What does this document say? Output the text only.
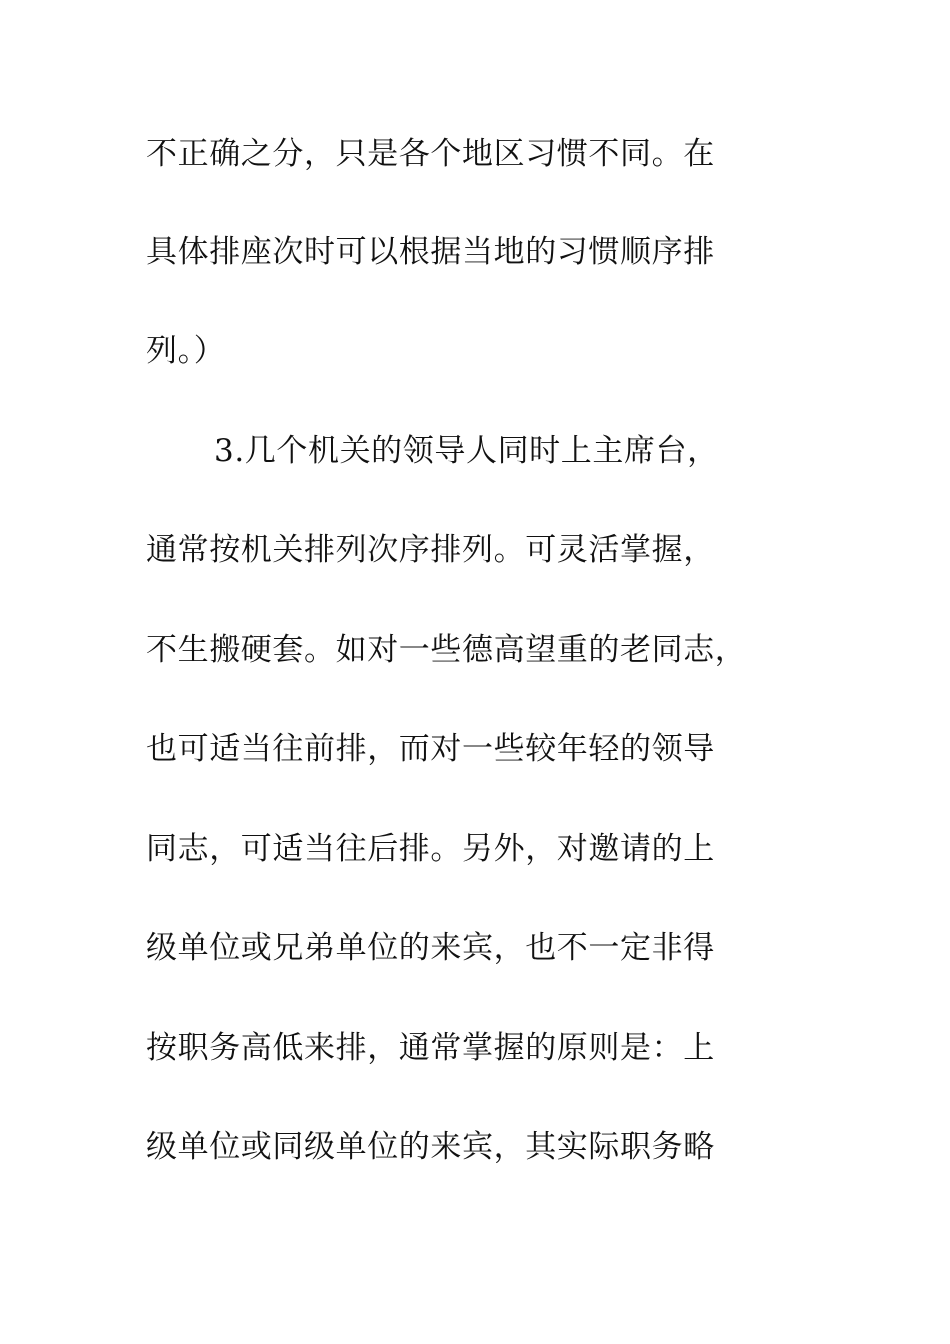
不正确之分，只是各个地区习惯不同。在
具体排座次时可以根据当地的习惯顺序排
列。）
3.几个机关的领导人同时上主席台，
通常按机关排列次序排列。可灵活掌握，
不生搬硬套。如对一些德高望重的老同志，
也可适当往前排，而对一些较年轻的领导
同志，可适当往后排。另外，对邀请的上
级单位或兄弟单位的来宾，也不一定非得
按职务高低来排，通常掌握的原则是：上
级单位或同级单位的来宾，其实际职务略
